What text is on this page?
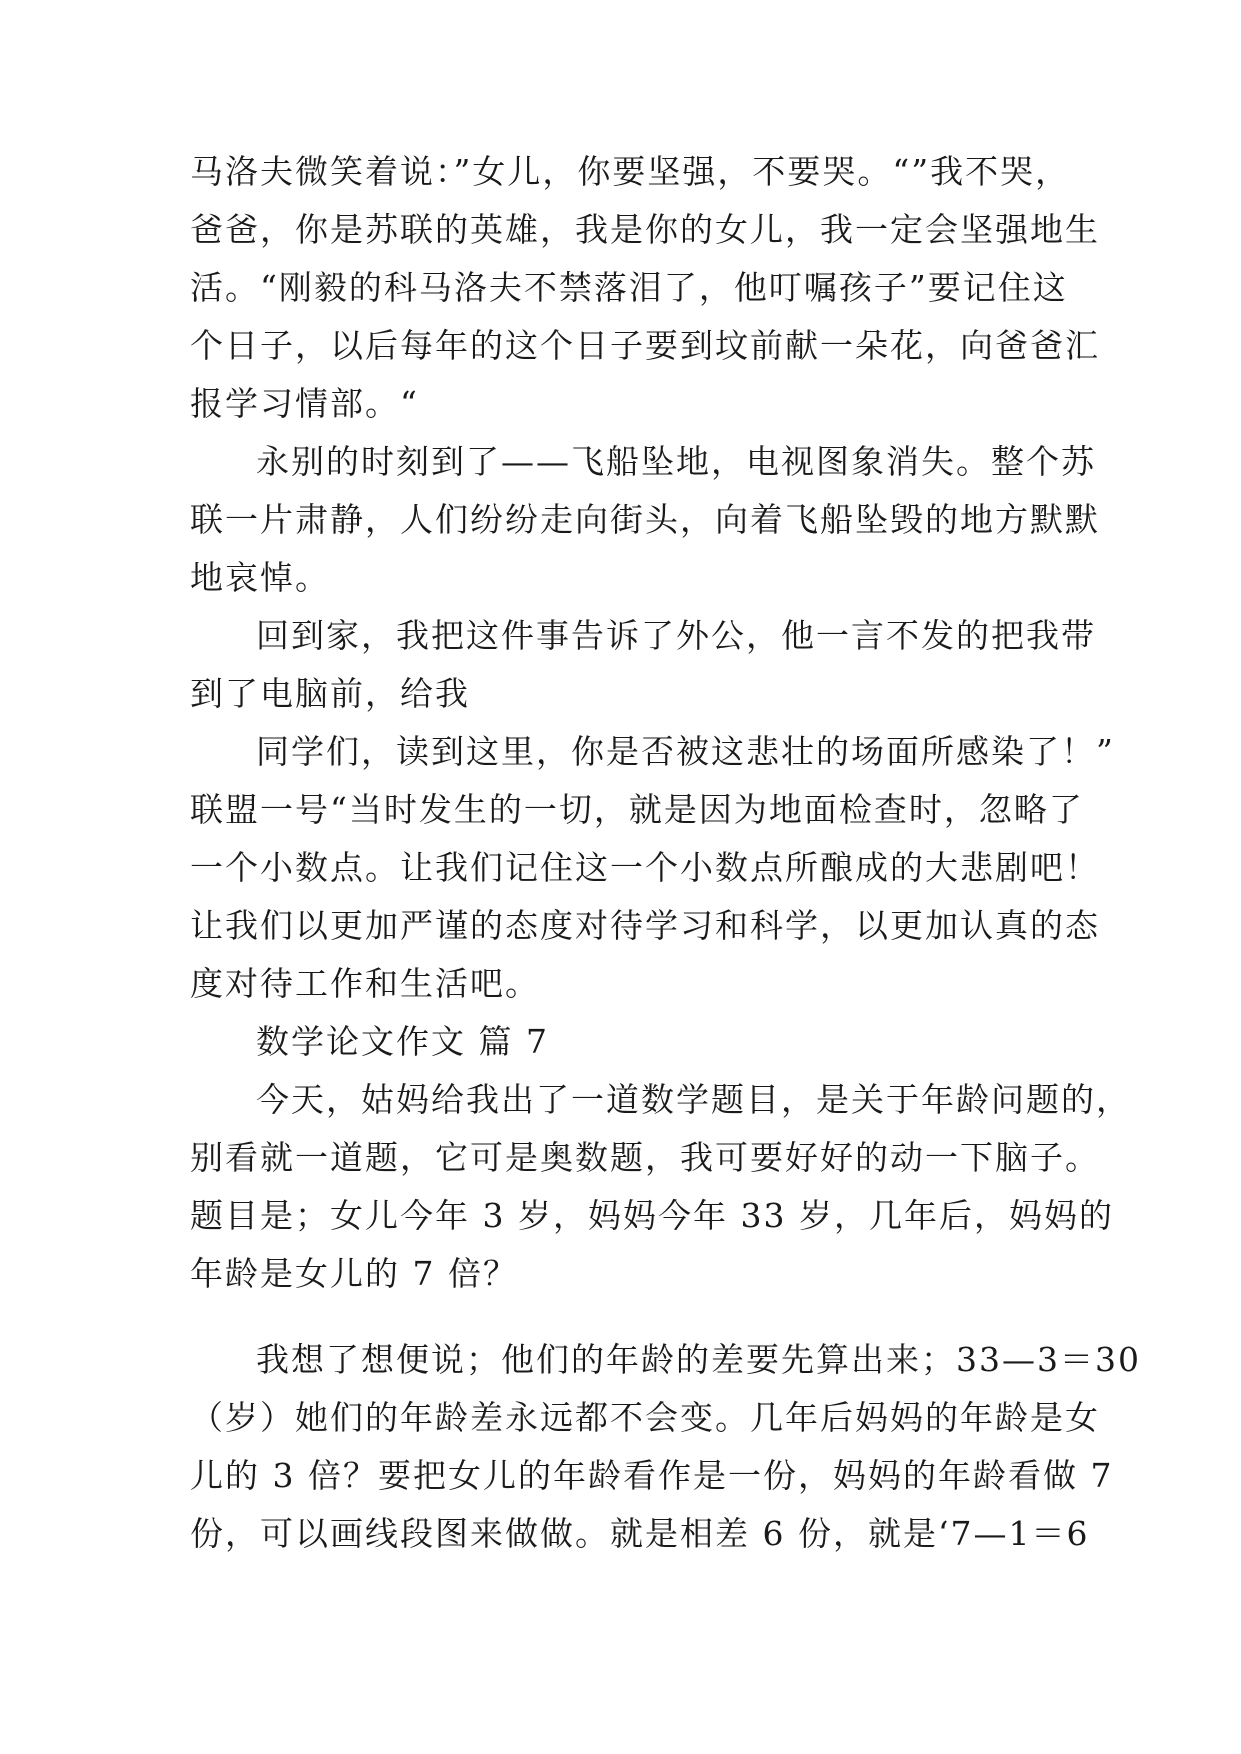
马洛夫微笑着说：”女儿，你要坚强，不要哭。“”我不哭，
爸爸，你是苏联的英雄，我是你的女儿，我一定会坚强地生
活。“刚毅的科马洛夫不禁落泪了，他叮嘱孩子”要记住这
个日子，以后每年的这个日子要到坟前献一朵花，向爸爸汇
报学习情部。“
永别的时刻到了——飞船坠地，电视图象消失。整个苏
联一片肃静，人们纷纷走向街头，向着飞船坠毁的地方默默
地哀悼。
回到家，我把这件事告诉了外公，他一言不发的把我带
到了电脑前，给我
同学们，读到这里，你是否被这悲壮的场面所感染了！”
联盟一号“当时发生的一切，就是因为地面检查时，忽略了
一个小数点。让我们记住这一个小数点所酿成的大悲剧吧！
让我们以更加严谨的态度对待学习和科学，以更加认真的态
度对待工作和生活吧。
数学论文作文 篇 7
今天，姑妈给我出了一道数学题目，是关于年龄问题的，
别看就一道题，它可是奥数题，我可要好好的动一下脑子。
题目是；女儿今年 3 岁，妈妈今年 33 岁，几年后，妈妈的
年龄是女儿的 7 倍？
我想了想便说；他们的年龄的差要先算出来；33—3＝30
（岁）她们的年龄差永远都不会变。几年后妈妈的年龄是女
儿的 3 倍？要把女儿的年龄看作是一份，妈妈的年龄看做 7
份，可以画线段图来做做。就是相差 6 份，就是‘7—1＝6
